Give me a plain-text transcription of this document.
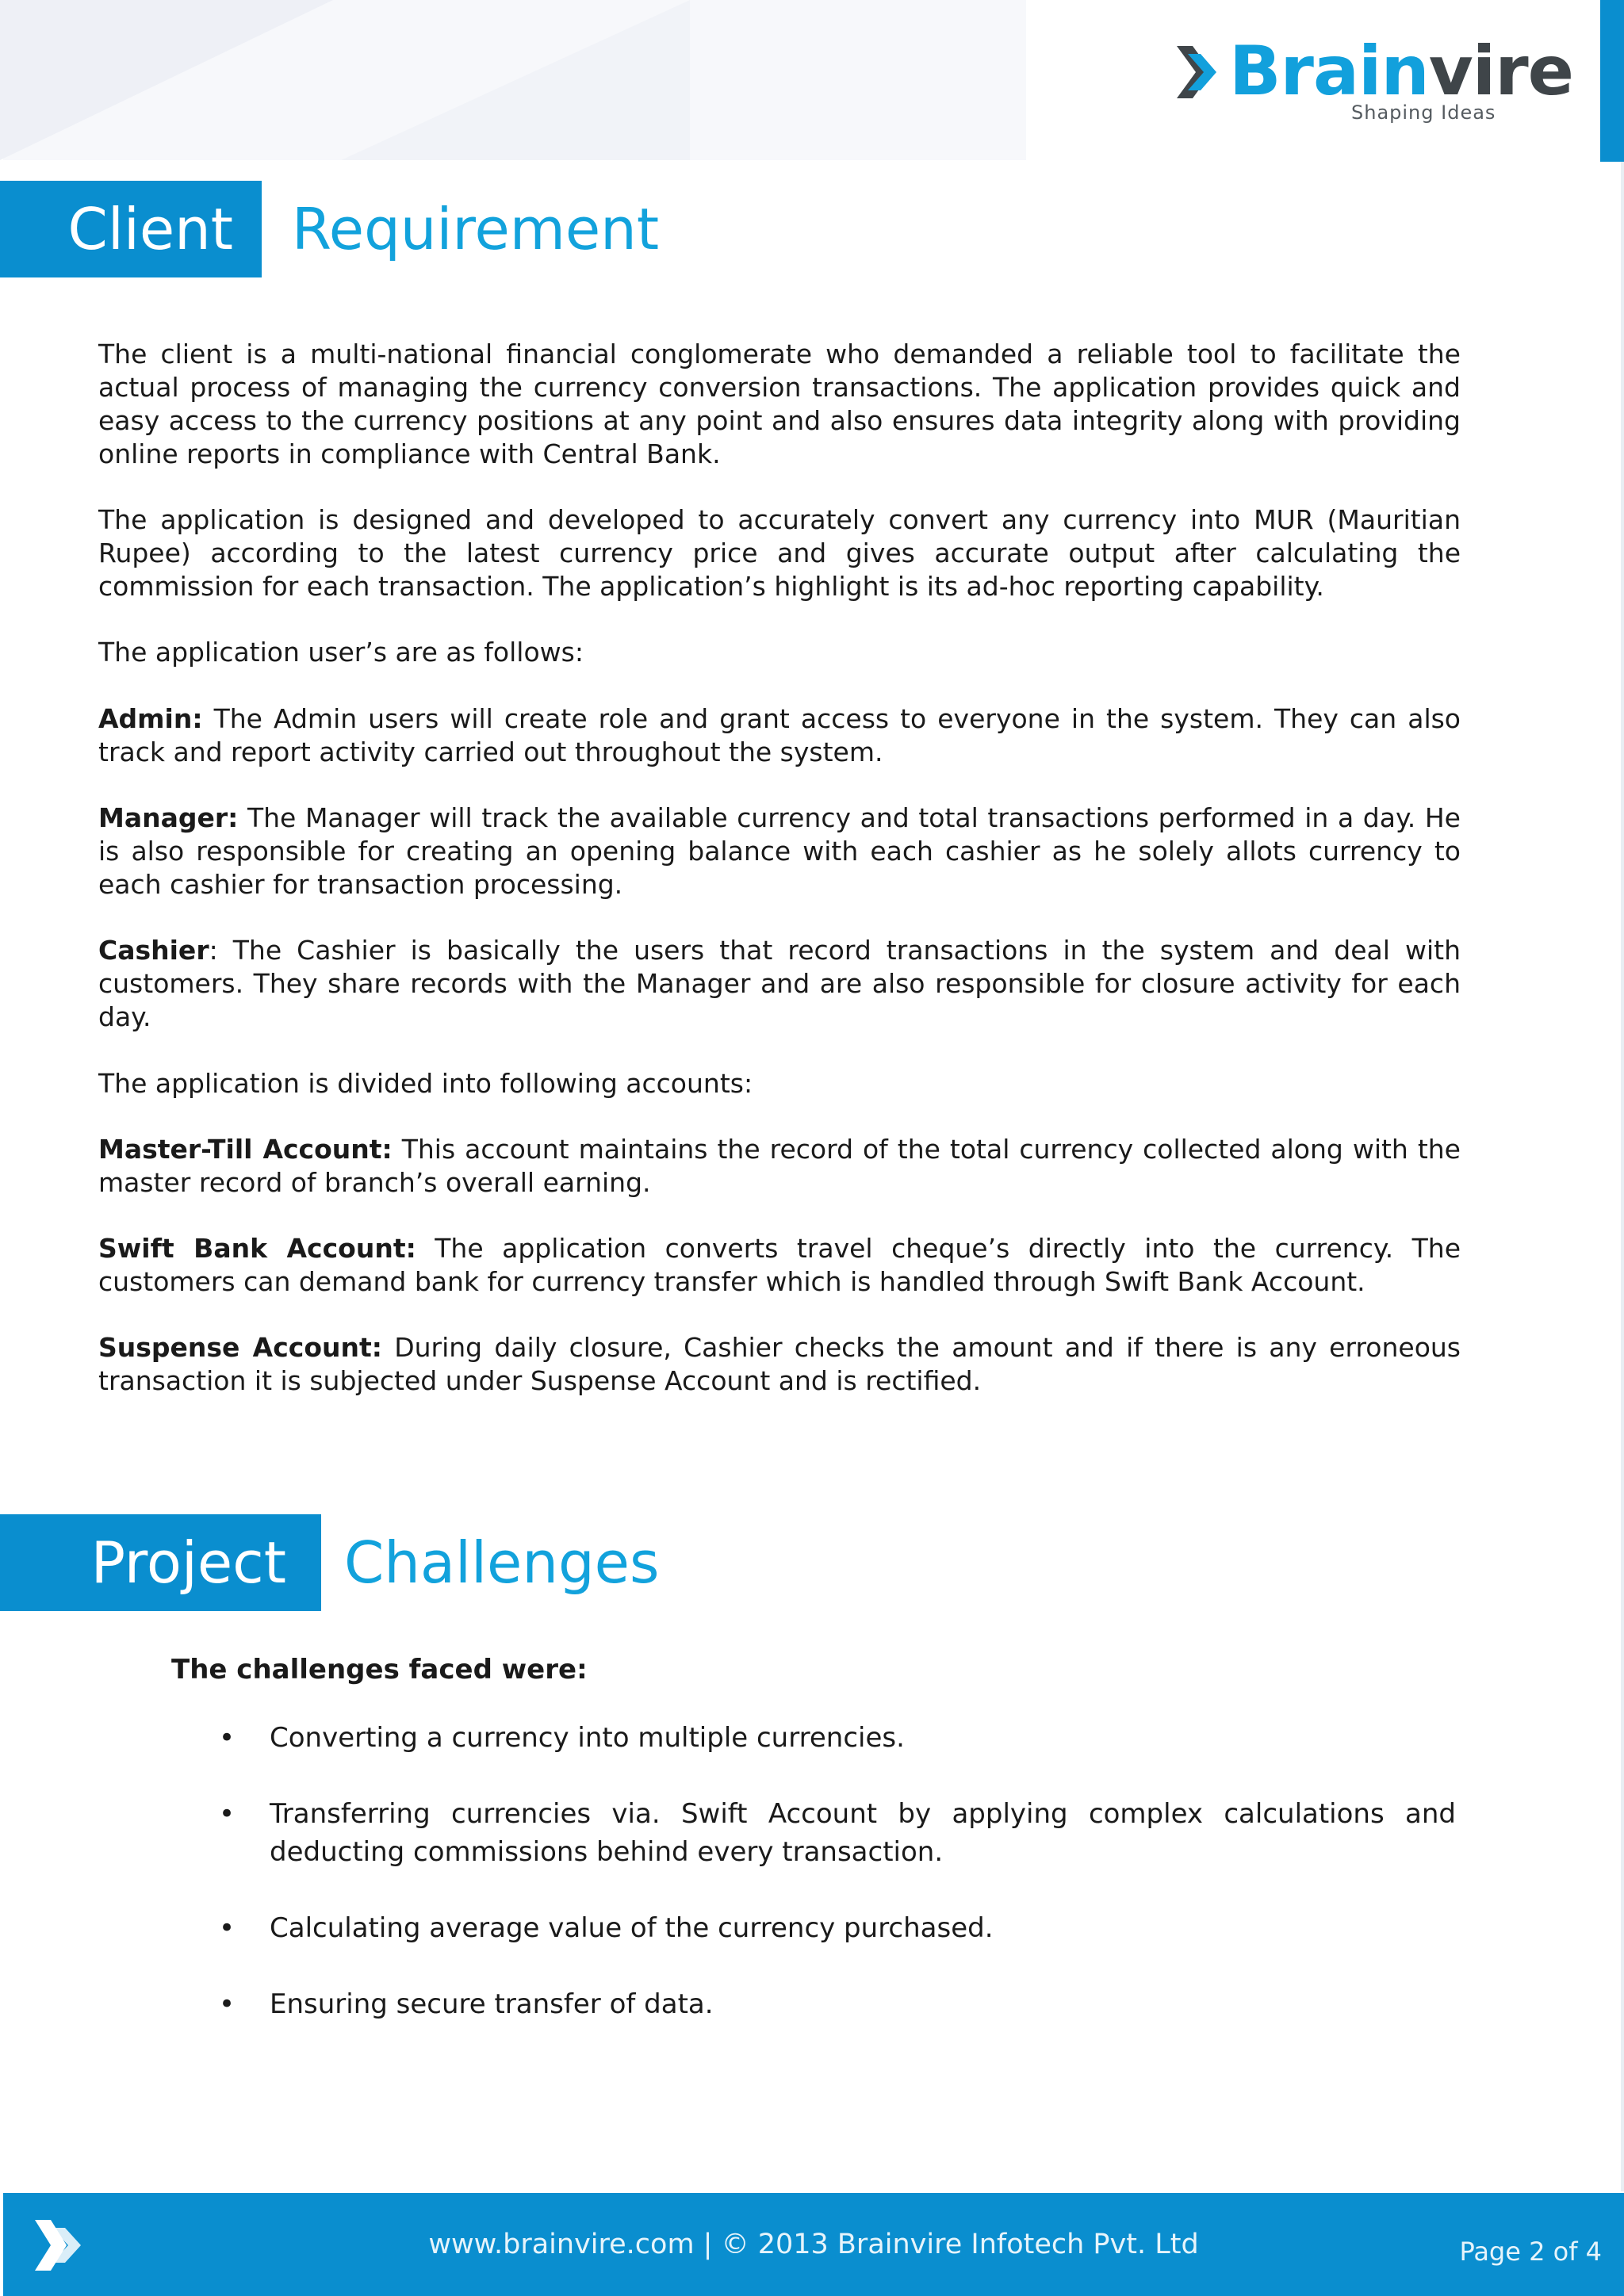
Brainvire
Shaping Ideas
Client	Requirement

The client is a multi-national financial conglomerate who demanded a reliable tool to facilitate the actual process of managing the currency conversion transactions. The application provides quick and easy access to the currency positions at any point and also ensures data integrity along with providing online reports in compliance with Central Bank.

The application is designed and developed to accurately convert any currency into MUR (Mauritian Rupee) according to the latest currency price and gives accurate output after calculating the commission for each transaction. The application’s highlight is its ad-hoc reporting capability.

The application user’s are as follows:

Admin: The Admin users will create role and grant access to everyone in the system. They can also track and report activity carried out throughout the system.

Manager: The Manager will track the available currency and total transactions performed in a day. He is also responsible for creating an opening balance with each cashier as he solely allots currency to each cashier for transaction processing.

Cashier: The Cashier is basically the users that record transactions in the system and deal with customers. They share records with the Manager and are also responsible for closure activity for each day.

The application is divided into following accounts:

Master-Till Account: This account maintains the record of the total currency collected along with the master record of branch’s overall earning.

Swift Bank Account: The application converts travel cheque’s directly into the currency. The customers can demand bank for currency transfer which is handled through Swift Bank Account.

Suspense Account: During daily closure, Cashier checks the amount and if there is any erroneous transaction it is subjected under Suspense Account and is rectified.

Project	Challenges
The challenges faced were:
• Converting a currency into multiple currencies.
• Transferring currencies via. Swift Account by applying complex calculations and deducting commissions behind every transaction.
• Calculating average value of the currency purchased.
• Ensuring secure transfer of data.
www.brainvire.com | © 2013 Brainvire Infotech Pvt. Ltd	Page 2 of 4
